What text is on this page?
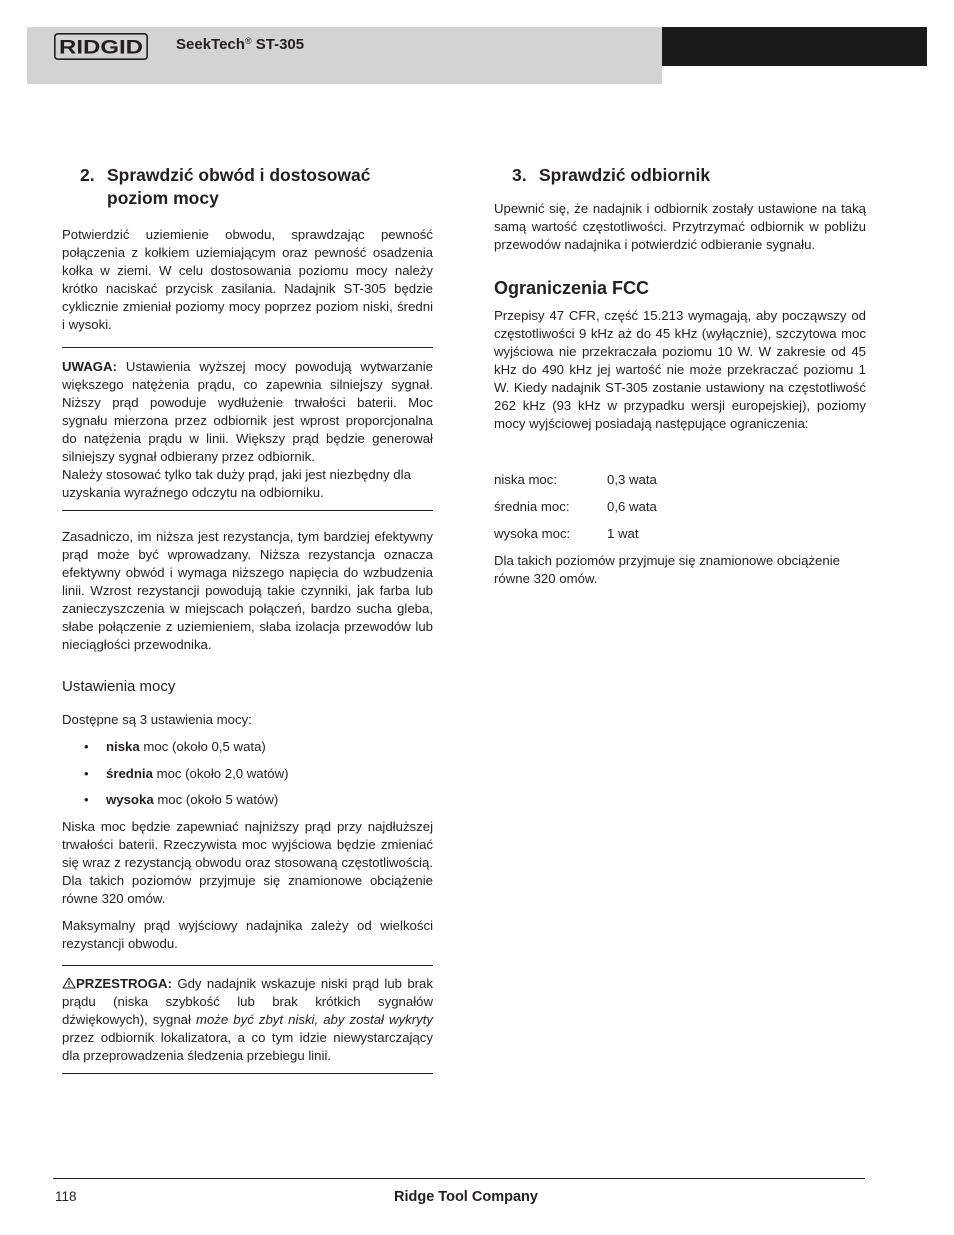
RIDGID SeekTech® ST-305
2. Sprawdzić obwód i dostosować poziom mocy

Potwierdzić uziemienie obwodu, sprawdzając pewność połączenia z kołkiem uziemiającym oraz pewność osadzenia kołka w ziemi. W celu dostosowania poziomu mocy należy krótko naciskać przycisk zasilania. Nadajnik ST-305 będzie cyklicznie zmieniał poziomy mocy poprzez poziom niski, średni i wysoki.

UWAGA: Ustawienia wyższej mocy powodują wytwarzanie większego natężenia prądu, co zapewnia silniejszy sygnał. Niższy prąd powoduje wydłużenie trwałości baterii. Moc sygnału mierzona przez odbiornik jest wprost proporcjonalna do natężenia prądu w linii. Większy prąd będzie generował silniejszy sygnał odbierany przez odbiornik.

Należy stosować tylko tak duży prąd, jaki jest niezbędny dla uzyskania wyraźnego odczytu na odbiorniku.

Zasadniczo, im niższa jest rezystancja, tym bardziej efektywny prąd może być wprowadzany. Niższa rezystancja oznacza efektywny obwód i wymaga niższego napięcia do wzbudzenia linii. Wzrost rezystancji powodują takie czynniki, jak farba lub zanieczyszczenia w miejscach połączeń, bardzo sucha gleba, słabe połączenie z uziemieniem, słaba izolacja przewodów lub nieciągłości przewodnika.

Ustawienia mocy

Dostępne są 3 ustawienia mocy:

• niska moc (około 0,5 wata)
• średnia moc (około 2,0 watów)
• wysoka moc (około 5 watów)

Niska moc będzie zapewniać najniższy prąd przy najdłuższej trwałości baterii. Rzeczywista moc wyjściowa będzie zmieniać się wraz z rezystancją obwodu oraz stosowaną częstotliwością. Dla takich poziomów przyjmuje się znamionowe obciążenie równe 320 omów.

Maksymalny prąd wyjściowy nadajnika zależy od wielkości rezystancji obwodu.

PRZESTROGA: Gdy nadajnik wskazuje niski prąd lub brak prądu (niska szybkość lub brak krótkich sygnałów dźwiękowych), sygnał może być zbyt niski, aby został wykryty przez odbiornik lokalizatora, a co tym idzie niewystarczający dla przeprowadzenia śledzenia przebiegu linii.

3. Sprawdzić odbiornik

Upewnić się, że nadajnik i odbiornik zostały ustawione na taką samą wartość częstotliwości. Przytrzymać odbiornik w pobliżu przewodów nadajnika i potwierdzić odbieranie sygnału.

Ograniczenia FCC

Przepisy 47 CFR, część 15.213 wymagają, aby począwszy od częstotliwości 9 kHz aż do 45 kHz (wyłącznie), szczytowa moc wyjściowa nie przekraczała poziomu 10 W. W zakresie od 45 kHz do 490 kHz jej wartość nie może przekraczać poziomu 1 W. Kiedy nadajnik ST-305 zostanie ustawiony na częstotliwość 262 kHz (93 kHz w przypadku wersji europejskiej), poziomy mocy wyjściowej posiadają następujące ograniczenia:

niska moc:	0,3 wata
średnia moc:	0,6 wata
wysoka moc:	1 wat

Dla takich poziomów przyjmuje się znamionowe obciążenie równe 320 omów.

118	Ridge Tool Company
